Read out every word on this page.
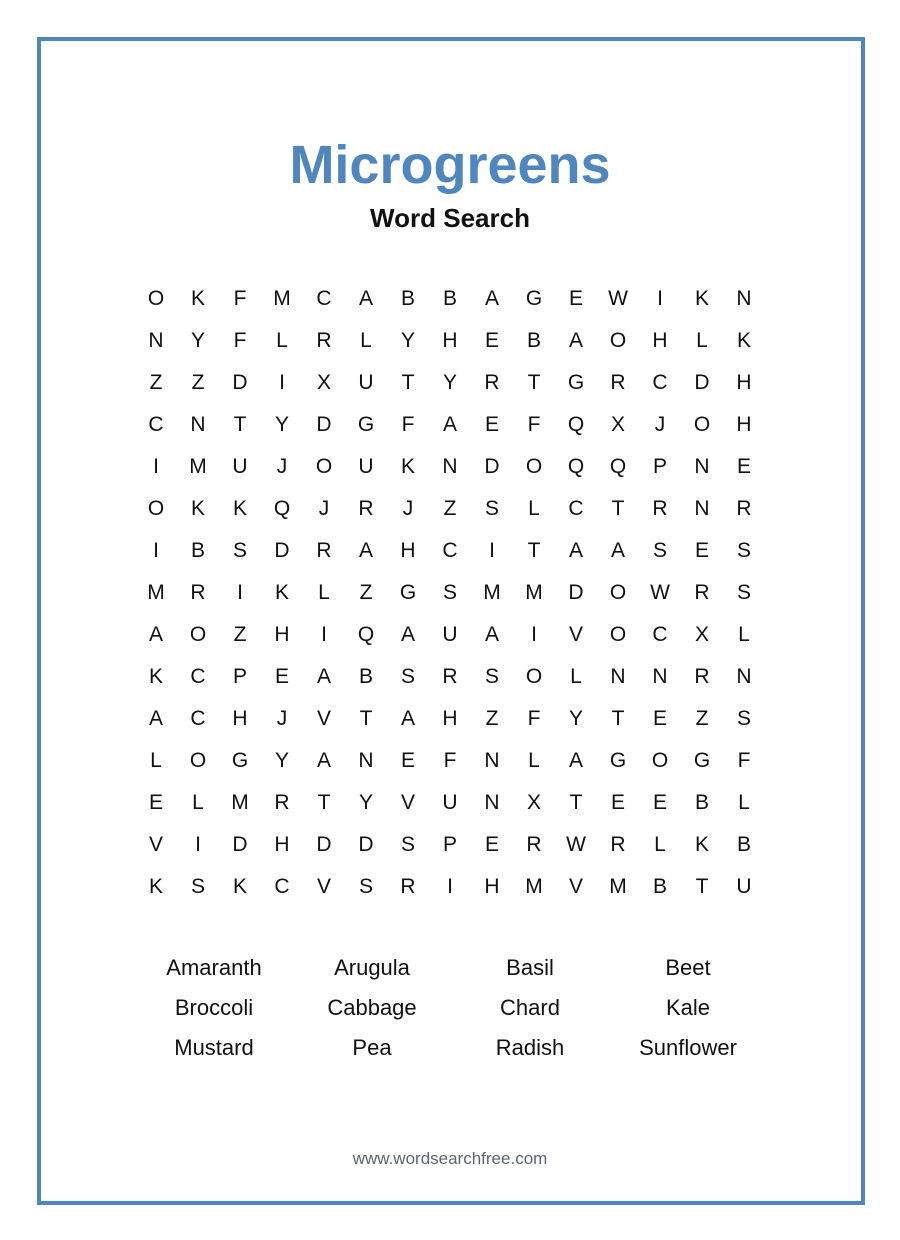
Microgreens
Word Search
O	K	F	M	C	A	B	B	A	G	E	W	I	K	N
N	Y	F	L	R	L	Y	H	E	B	A	O	H	L	K
Z	Z	D	I	X	U	T	Y	R	T	G	R	C	D	H
C	N	T	Y	D	G	F	A	E	F	Q	X	J	O	H
I	M	U	J	O	U	K	N	D	O	Q	Q	P	N	E
O	K	K	Q	J	R	J	Z	S	L	C	T	R	N	R
I	B	S	D	R	A	H	C	I	T	A	A	S	E	S
M	R	I	K	L	Z	G	S	M	M	D	O	W	R	S
A	O	Z	H	I	Q	A	U	A	I	V	O	C	X	L
K	C	P	E	A	B	S	R	S	O	L	N	N	R	N
A	C	H	J	V	T	A	H	Z	F	Y	T	E	Z	S
L	O	G	Y	A	N	E	F	N	L	A	G	O	G	F
E	L	M	R	T	Y	V	U	N	X	T	E	E	B	L
V	I	D	H	D	D	S	P	E	R	W	R	L	K	B
K	S	K	C	V	S	R	I	H	M	V	M	B	T	U
Amaranth	Arugula	Basil	Beet
Broccoli	Cabbage	Chard	Kale
Mustard	Pea	Radish	Sunflower
www.wordsearchfree.com
